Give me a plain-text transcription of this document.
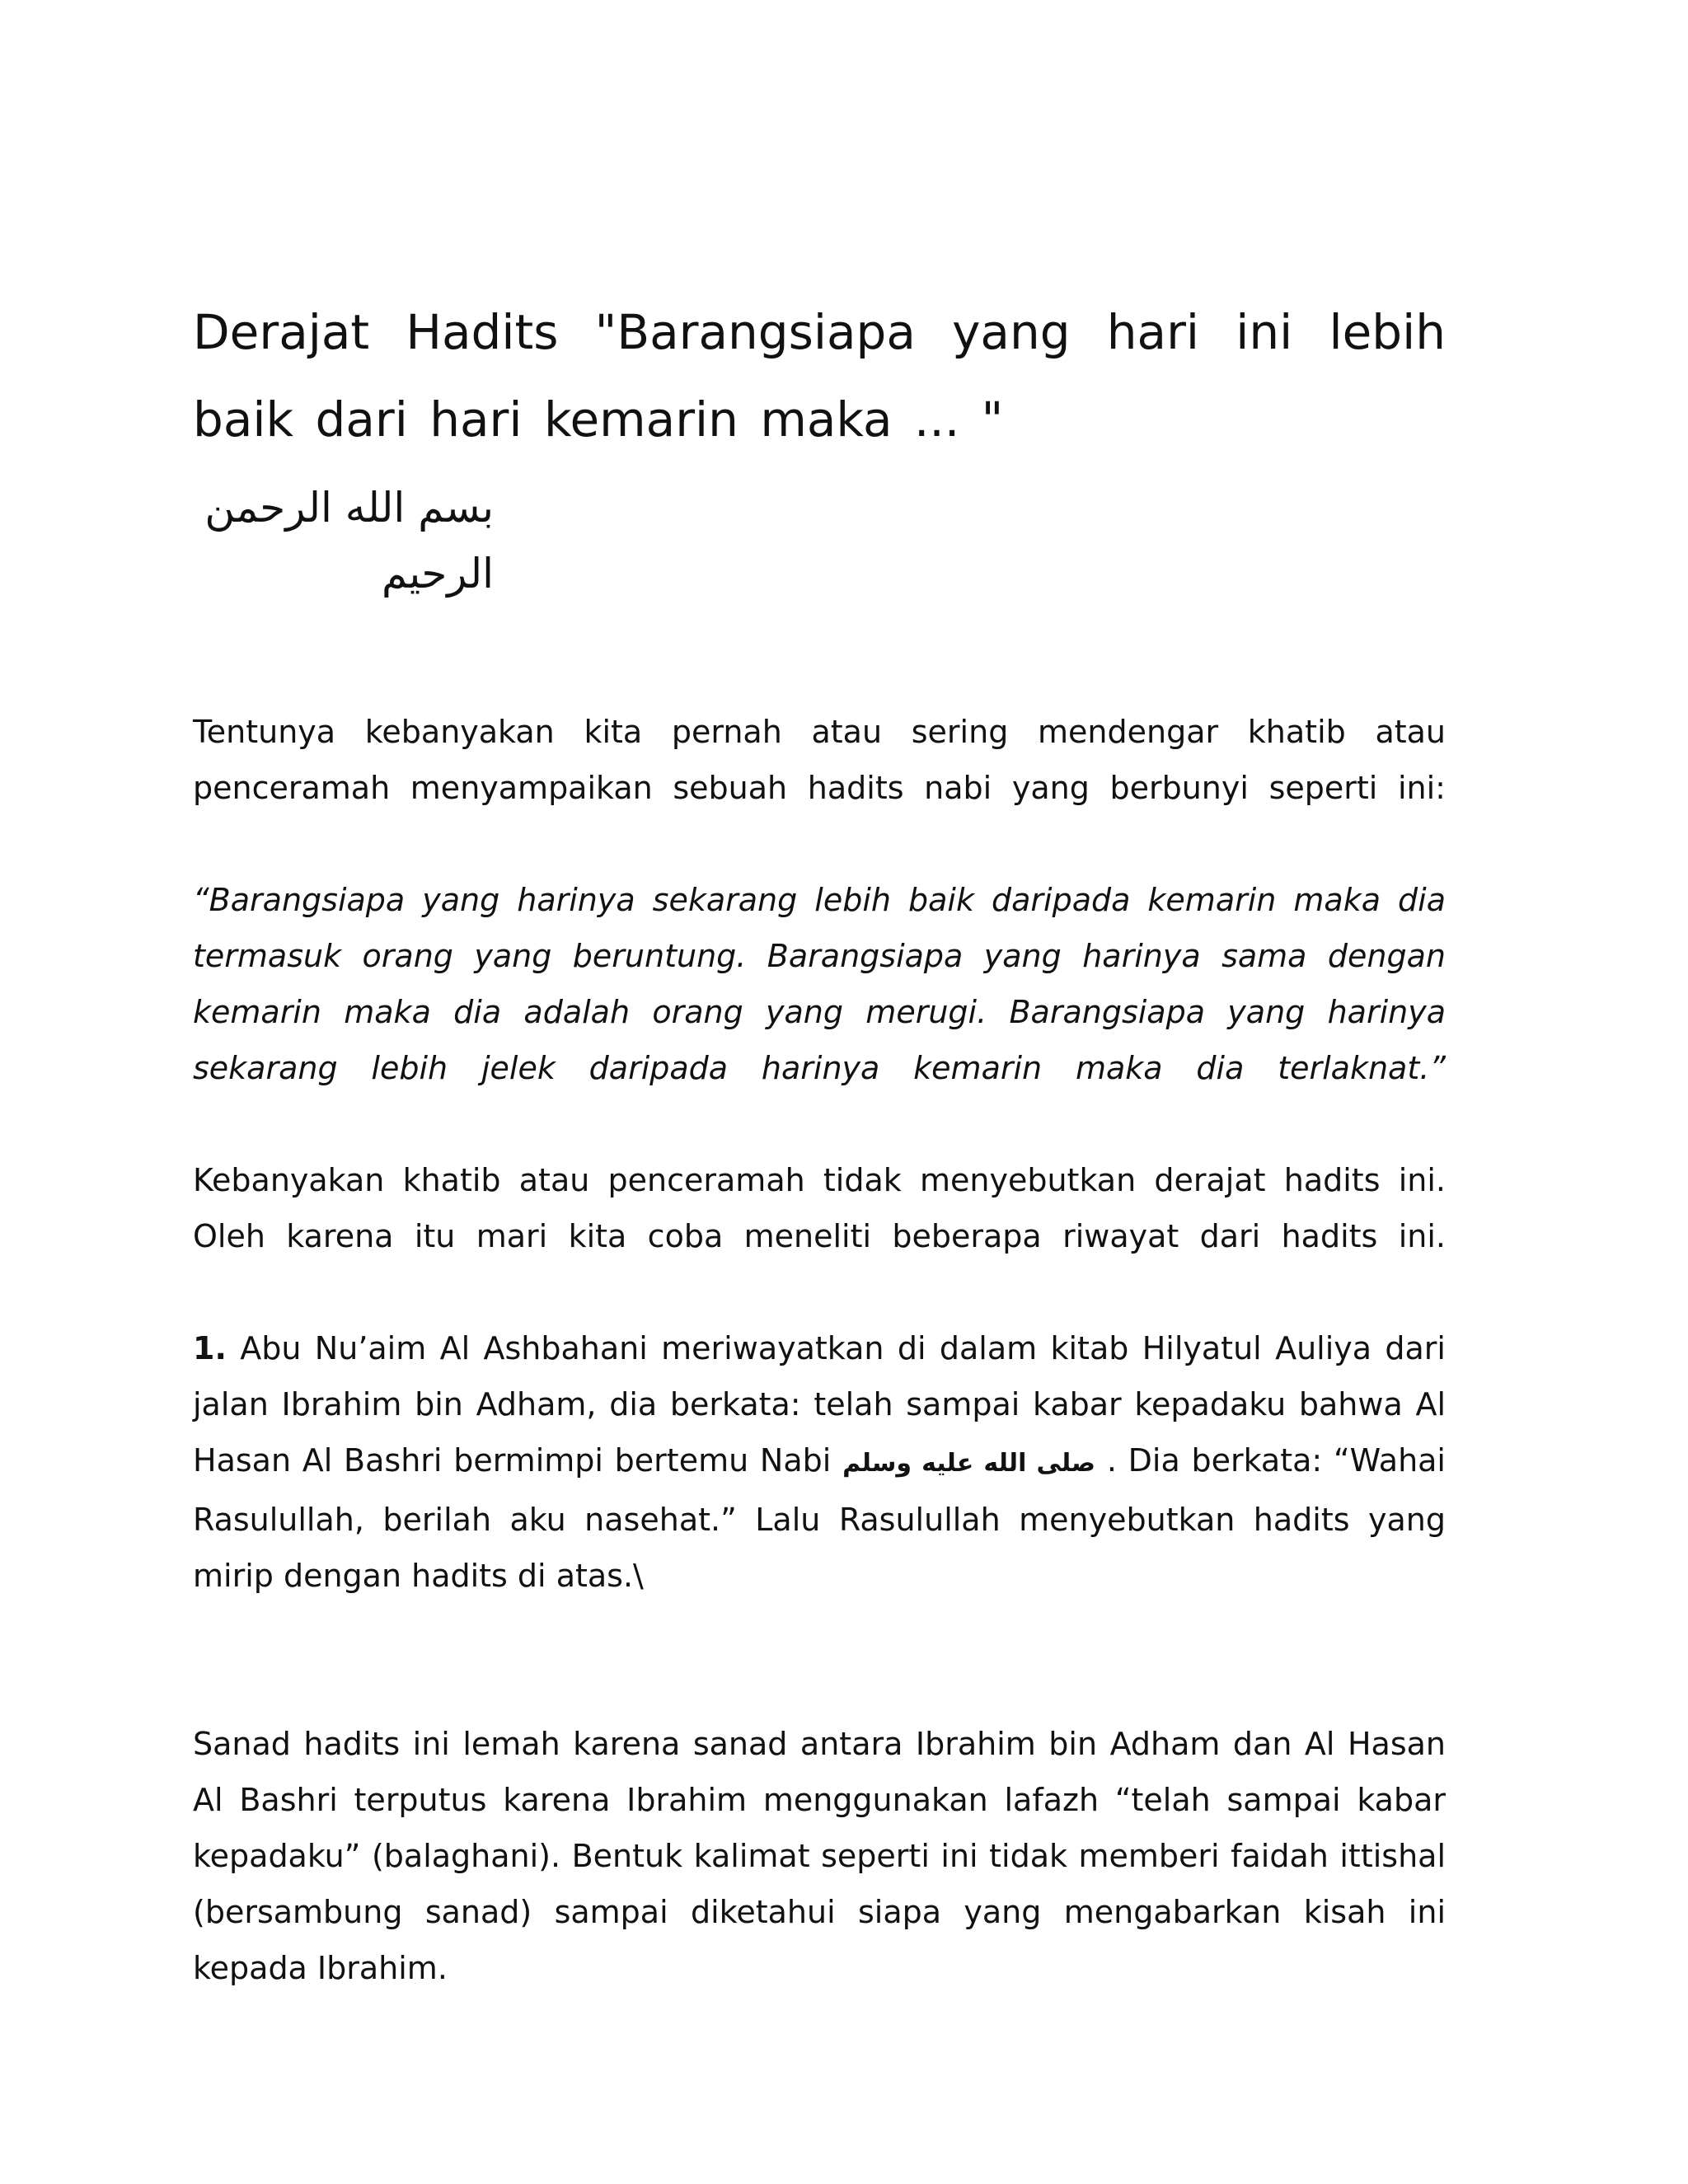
Derajat Hadits "Barangsiapa yang hari ini lebih baik dari hari kemarin maka ... "
بسم الله الرحمن الرحيم

Tentunya kebanyakan kita pernah atau sering mendengar khatib atau penceramah menyampaikan sebuah hadits nabi yang berbunyi seperti ini:

“Barangsiapa yang harinya sekarang lebih baik daripada kemarin maka dia termasuk orang yang beruntung. Barangsiapa yang harinya sama dengan kemarin maka dia adalah orang yang merugi. Barangsiapa yang harinya sekarang lebih jelek daripada harinya kemarin maka dia terlaknat.”

Kebanyakan khatib atau penceramah tidak menyebutkan derajat hadits ini. Oleh karena itu mari kita coba meneliti beberapa riwayat dari hadits ini.

1. Abu Nu’aim Al Ashbahani meriwayatkan di dalam kitab Hilyatul Auliya dari jalan Ibrahim bin Adham, dia berkata: telah sampai kabar kepadaku bahwa Al Hasan Al Bashri bermimpi bertemu Nabi صلى الله عليه وسلم . Dia berkata: “Wahai Rasulullah, berilah aku nasehat.” Lalu Rasulullah menyebutkan hadits yang mirip dengan hadits di atas.\

Sanad hadits ini lemah karena sanad antara Ibrahim bin Adham dan Al Hasan Al Bashri terputus karena Ibrahim menggunakan lafazh “telah sampai kabar kepadaku” (balaghani). Bentuk kalimat seperti ini tidak memberi faidah ittishal (bersambung sanad) sampai diketahui siapa yang mengabarkan kisah ini kepada Ibrahim.
